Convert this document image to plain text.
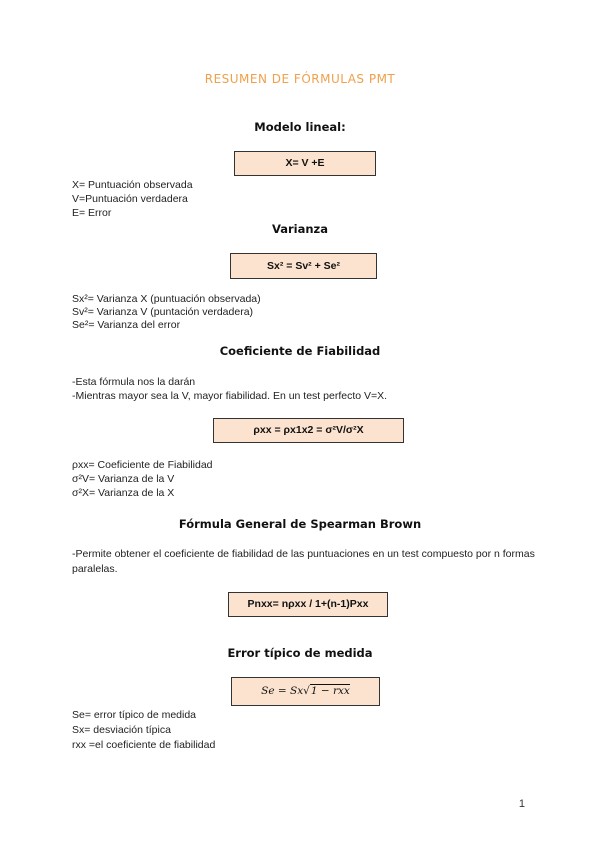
RESUMEN DE FÓRMULAS PMT
Modelo lineal:
X= V +E
X= Puntuación observada
V=Puntuación verdadera
E= Error
Varianza
Sx² = Sv² + Se²
Sx²= Varianza X (puntuación observada)
Sv²= Varianza V (puntación verdadera)
Se²= Varianza del error
Coeficiente de Fiabilidad
-Esta fórmula nos la darán
-Mientras mayor sea la V, mayor fiabilidad. En un test perfecto V=X.
ρxx = ρx1x2 = σ²V/σ²X
ρxx= Coeficiente de Fiabilidad
σ²V= Varianza de la V
σ²X= Varianza de la X
Fórmula General de Spearman Brown
-Permite obtener el coeficiente de fiabilidad de las puntuaciones en un test compuesto por n formas paralelas.
Pnxx= nρxx / 1+(n-1)Pxx
Error típico de medida
Se = Sx√1 − rxx
Se= error típico de medida
Sx= desviación típica
rxx =el coeficiente de fiabilidad
1
